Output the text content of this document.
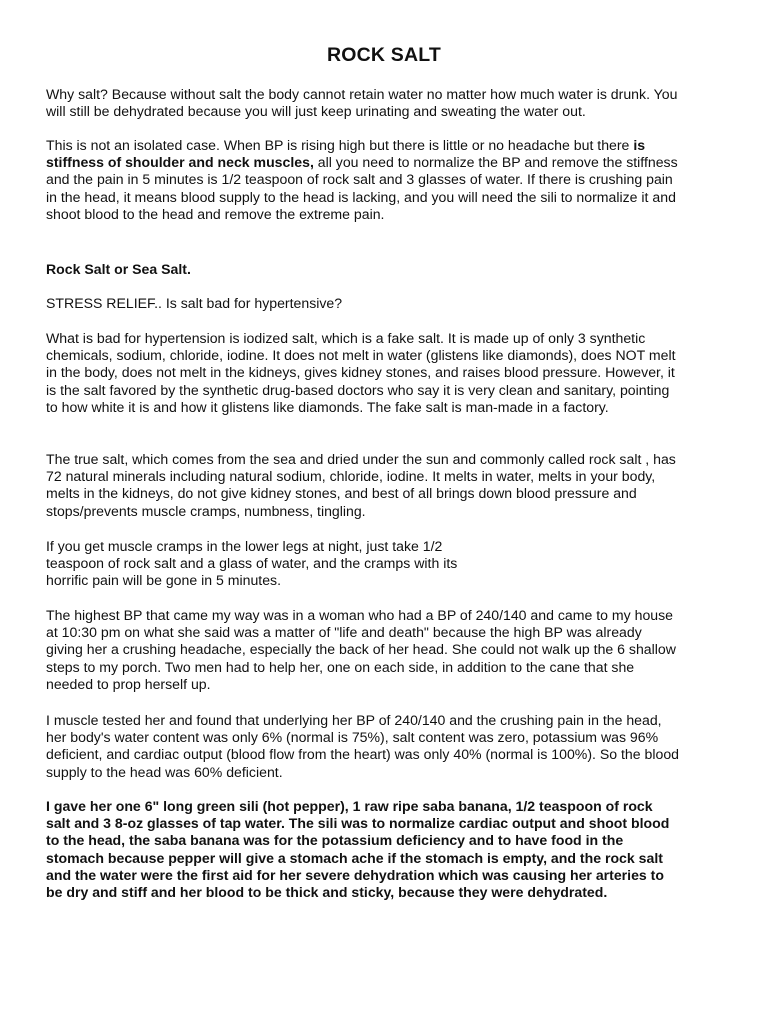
ROCK SALT
Why salt? Because without salt the body cannot retain water no matter how much water is drunk. You
will still be dehydrated because you will just keep urinating and sweating the water out.
This is not an isolated case. When BP is rising high but there is little or no headache but there is
stiffness of shoulder and neck muscles, all you need to normalize the BP and remove the stiffness
and the pain in 5 minutes is 1/2 teaspoon of rock salt and 3 glasses of water. If there is crushing pain
in the head, it means blood supply to the head is lacking, and you will need the sili to normalize it and
shoot blood to the head and remove the extreme pain.
Rock Salt or Sea Salt.
STRESS RELIEF.. Is salt bad for hypertensive?
What is bad for hypertension is iodized salt, which is a fake salt. It is made up of only 3 synthetic
chemicals, sodium, chloride, iodine. It does not melt in water (glistens like diamonds), does NOT melt
in the body, does not melt in the kidneys, gives kidney stones, and raises blood pressure. However, it
is the salt favored by the synthetic drug-based doctors who say it is very clean and sanitary, pointing
to how white it is and how it glistens like diamonds. The fake salt is man-made in a factory.
The true salt, which comes from the sea and dried under the sun and commonly called rock salt , has
72 natural minerals including natural sodium, chloride, iodine. It melts in water, melts in your body,
melts in the kidneys, do not give kidney stones, and best of all brings down blood pressure and
stops/prevents muscle cramps, numbness, tingling.
If you get muscle cramps in the lower legs at night, just take 1/2
teaspoon of rock salt and a glass of water, and the cramps with its
horrific pain will be gone in 5 minutes.
The highest BP that came my way was in a woman who had a BP of 240/140 and came to my house
at 10:30 pm on what she said was a matter of "life and death" because the high BP was already
giving her a crushing headache, especially the back of her head. She could not walk up the 6 shallow
steps to my porch. Two men had to help her, one on each side, in addition to the cane that she
needed to prop herself up.
I muscle tested her and found that underlying her BP of 240/140 and the crushing pain in the head,
her body's water content was only 6% (normal is 75%), salt content was zero, potassium was 96%
deficient, and cardiac output (blood flow from the heart) was only 40% (normal is 100%). So the blood
supply to the head was 60% deficient.
I gave her one 6" long green sili (hot pepper), 1 raw ripe saba banana, 1/2 teaspoon of rock
salt and 3 8-oz glasses of tap water. The sili was to normalize cardiac output and shoot blood
to the head, the saba banana was for the potassium deficiency and to have food in the
stomach because pepper will give a stomach ache if the stomach is empty, and the rock salt
and the water were the first aid for her severe dehydration which was causing her arteries to
be dry and stiff and her blood to be thick and sticky, because they were dehydrated.
